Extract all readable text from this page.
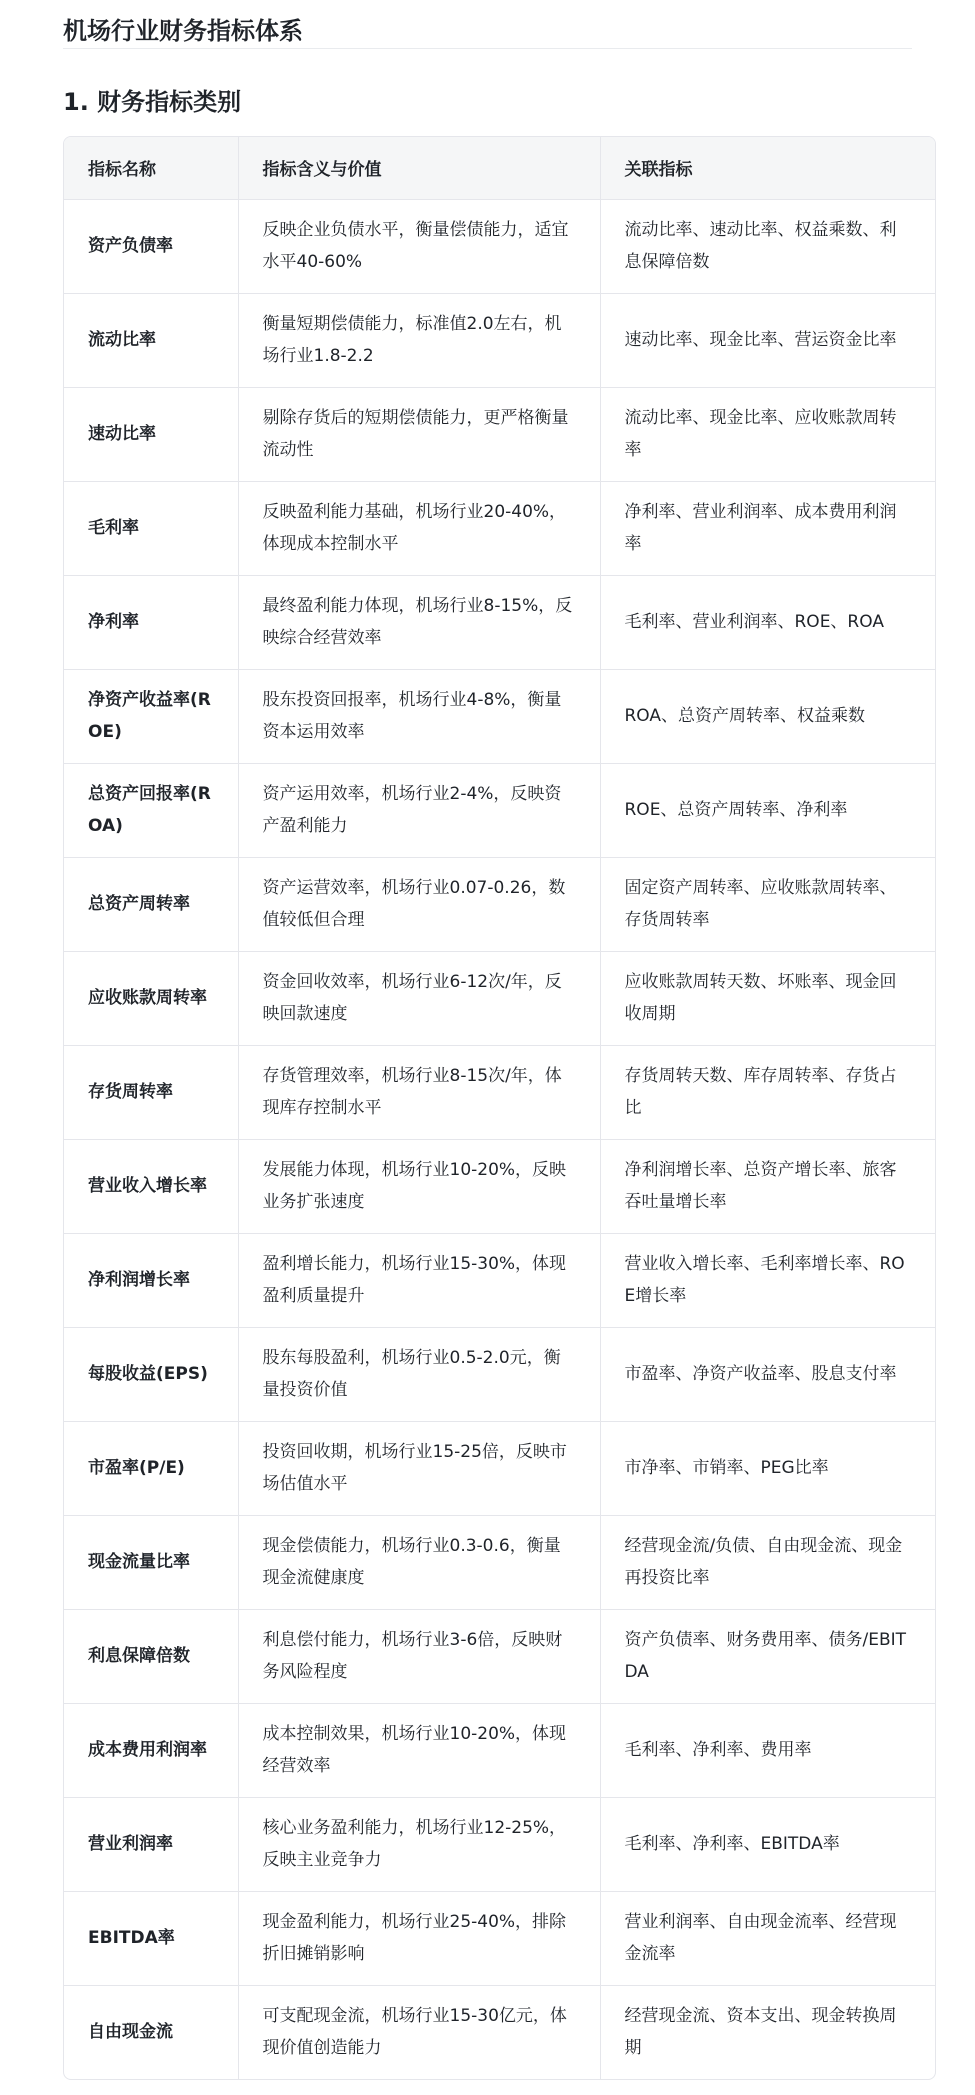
机场行业财务指标体系
1. 财务指标类别
指标名称	指标含义与价值	关联指标
资产负债率	反映企业负债水平，衡量偿债能力，适宜水平40-60%	流动比率、速动比率、权益乘数、利息保障倍数
流动比率	衡量短期偿债能力，标准值2.0左右，机场行业1.8-2.2	速动比率、现金比率、营运资金比率
速动比率	剔除存货后的短期偿债能力，更严格衡量流动性	流动比率、现金比率、应收账款周转率
毛利率	反映盈利能力基础，机场行业20-40%，体现成本控制水平	净利率、营业利润率、成本费用利润率
净利率	最终盈利能力体现，机场行业8-15%，反映综合经营效率	毛利率、营业利润率、ROE、ROA
净资产收益率(ROE)	股东投资回报率，机场行业4-8%，衡量资本运用效率	ROA、总资产周转率、权益乘数
总资产回报率(ROA)	资产运用效率，机场行业2-4%，反映资产盈利能力	ROE、总资产周转率、净利率
总资产周转率	资产运营效率，机场行业0.07-0.26，数值较低但合理	固定资产周转率、应收账款周转率、存货周转率
应收账款周转率	资金回收效率，机场行业6-12次/年，反映回款速度	应收账款周转天数、坏账率、现金回收周期
存货周转率	存货管理效率，机场行业8-15次/年，体现库存控制水平	存货周转天数、库存周转率、存货占比
营业收入增长率	发展能力体现，机场行业10-20%，反映业务扩张速度	净利润增长率、总资产增长率、旅客吞吐量增长率
净利润增长率	盈利增长能力，机场行业15-30%，体现盈利质量提升	营业收入增长率、毛利率增长率、ROE增长率
每股收益(EPS)	股东每股盈利，机场行业0.5-2.0元，衡量投资价值	市盈率、净资产收益率、股息支付率
市盈率(P/E)	投资回收期，机场行业15-25倍，反映市场估值水平	市净率、市销率、PEG比率
现金流量比率	现金偿债能力，机场行业0.3-0.6，衡量现金流健康度	经营现金流/负债、自由现金流、现金再投资比率
利息保障倍数	利息偿付能力，机场行业3-6倍，反映财务风险程度	资产负债率、财务费用率、债务/EBITDA
成本费用利润率	成本控制效果，机场行业10-20%，体现经营效率	毛利率、净利率、费用率
营业利润率	核心业务盈利能力，机场行业12-25%，反映主业竞争力	毛利率、净利率、EBITDA率
EBITDA率	现金盈利能力，机场行业25-40%，排除折旧摊销影响	营业利润率、自由现金流率、经营现金流率
自由现金流	可支配现金流，机场行业15-30亿元，体现价值创造能力	经营现金流、资本支出、现金转换周期
